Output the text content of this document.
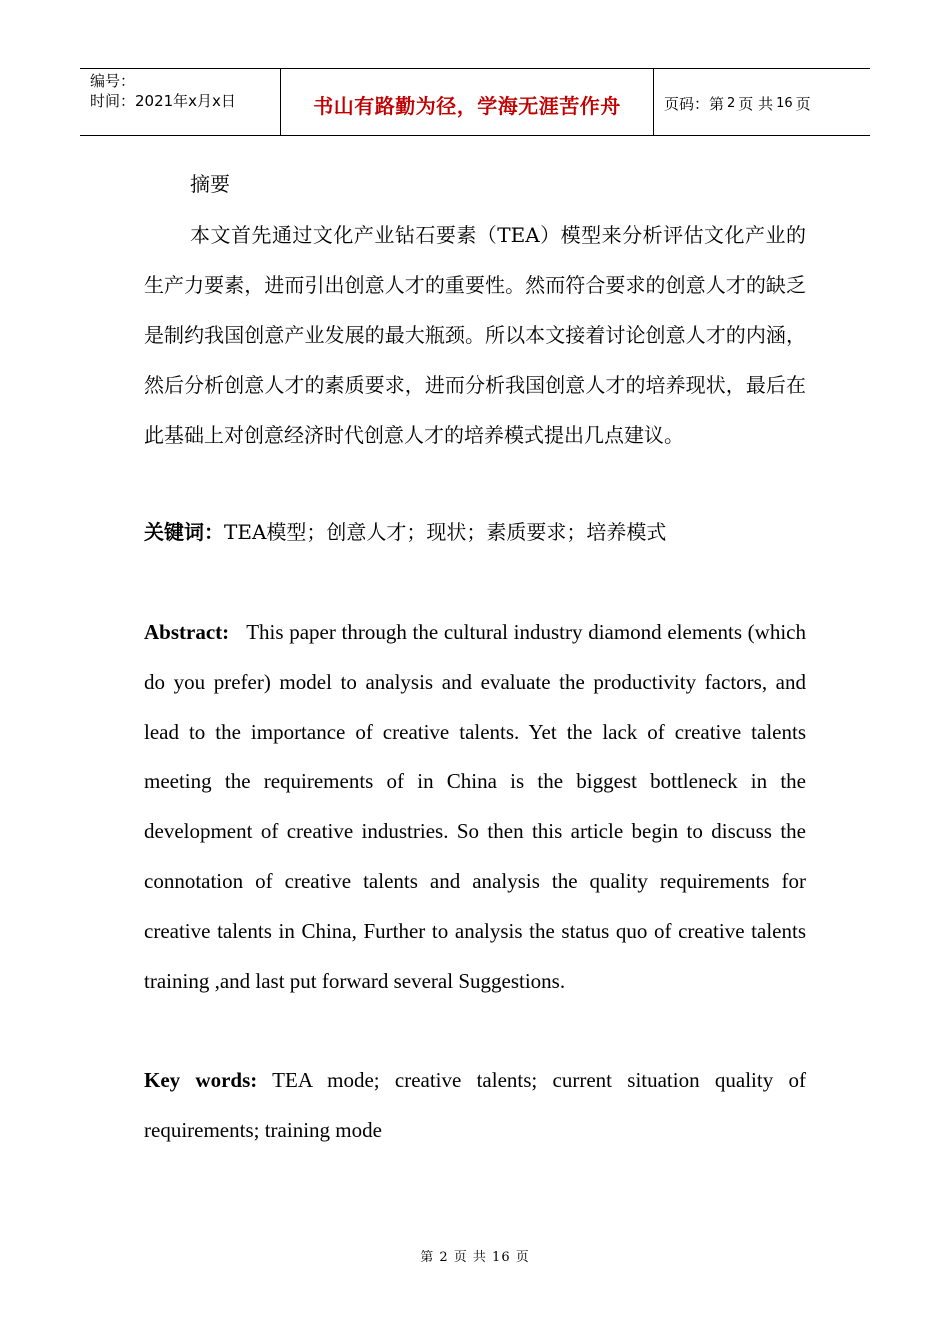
编号：
时间：2021年x月x日	书山有路勤为径，学海无涯苦作舟	页码：第 2 页 共 16 页
摘要

本文首先通过文化产业钻石要素（TEA）模型来分析评估文化产业的生产力要素，进而引出创意人才的重要性。然而符合要求的创意人才的缺乏是制约我国创意产业发展的最大瓶颈。所以本文接着讨论创意人才的内涵，然后分析创意人才的素质要求，进而分析我国创意人才的培养现状，最后在此基础上对创意经济时代创意人才的培养模式提出几点建议。

关键词：TEA模型；创意人才；现状；素质要求；培养模式

Abstract: This paper through the cultural industry diamond elements (which do you prefer) model to analysis and evaluate the productivity factors, and lead to the importance of creative talents. Yet the lack of creative talents meeting the requirements of in China is the biggest bottleneck in the development of creative industries. So then this article begin to discuss the connotation of creative talents and analysis the quality requirements for creative talents in China, Further to analysis the status quo of creative talents training ,and last put forward several Suggestions.

Key words: TEA mode; creative talents; current situation quality of requirements; training mode

第 2 页 共 16 页
